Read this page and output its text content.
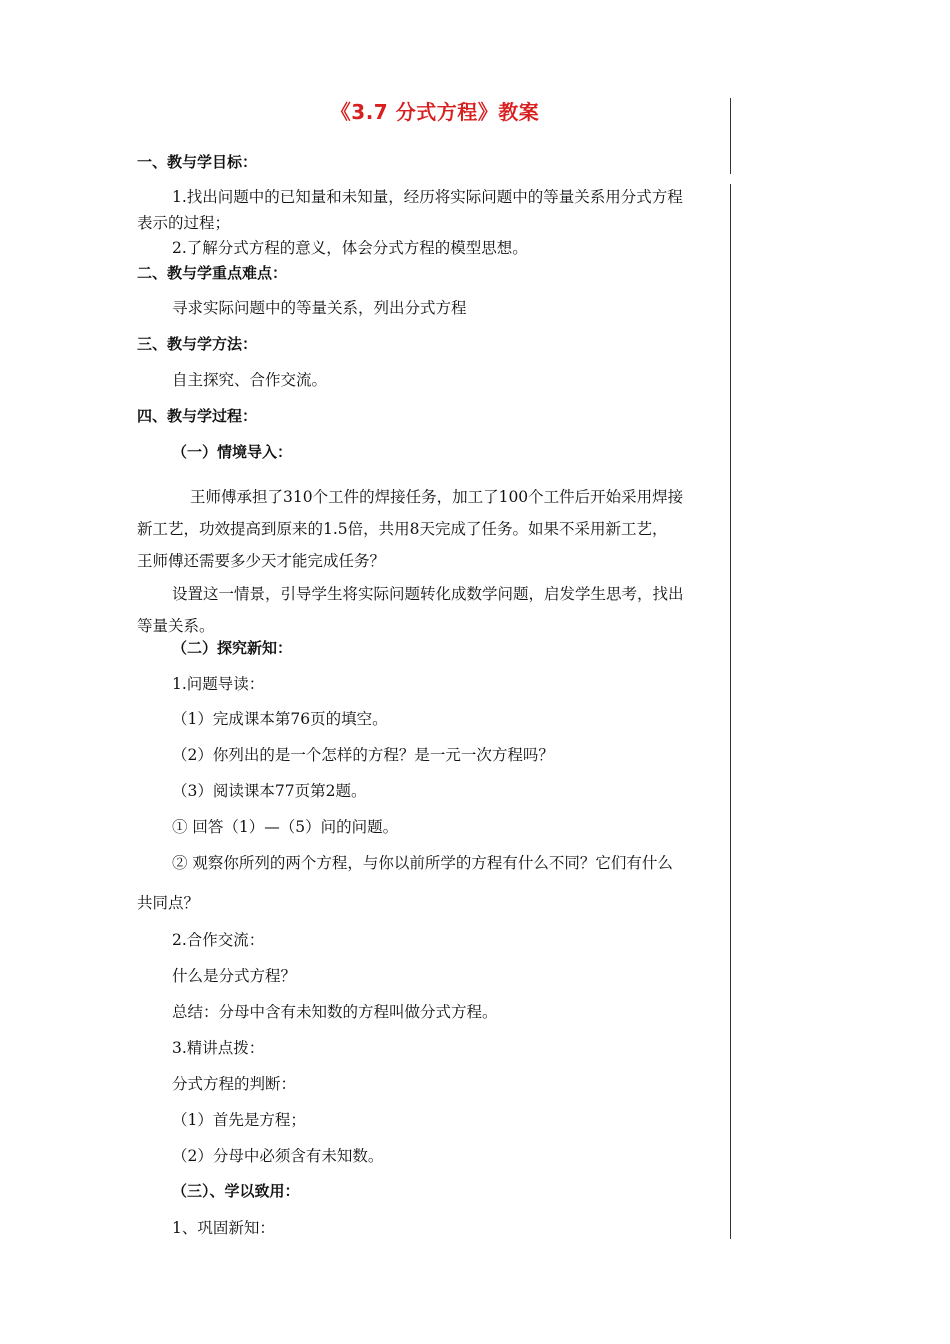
《3.7 分式方程》教案
一、教与学目标：
1.找出问题中的已知量和未知量，经历将实际问题中的等量关系用分式方程
表示的过程；
2.了解分式方程的意义，体会分式方程的模型思想。
二、教与学重点难点：
寻求实际问题中的等量关系，列出分式方程
三、教与学方法：
自主探究、合作交流。
四、教与学过程：
（一）情境导入：
王师傅承担了310个工件的焊接任务，加工了100个工件后开始采用焊接
新工艺，功效提高到原来的1.5倍，共用8天完成了任务。如果不采用新工艺，
王师傅还需要多少天才能完成任务？
设置这一情景，引导学生将实际问题转化成数学问题，启发学生思考，找出
等量关系。
（二）探究新知：
1.问题导读：
（1）完成课本第76页的填空。
（2）你列出的是一个怎样的方程？是一元一次方程吗？
（3）阅读课本77页第2题。
① 回答（1）—（5）问的问题。
② 观察你所列的两个方程，与你以前所学的方程有什么不同？它们有什么
共同点？
2.合作交流：
什么是分式方程？
总结：分母中含有未知数的方程叫做分式方程。
3.精讲点拨：
分式方程的判断：
（1）首先是方程；
（2）分母中必须含有未知数。
（三）、学以致用：
1、巩固新知：
